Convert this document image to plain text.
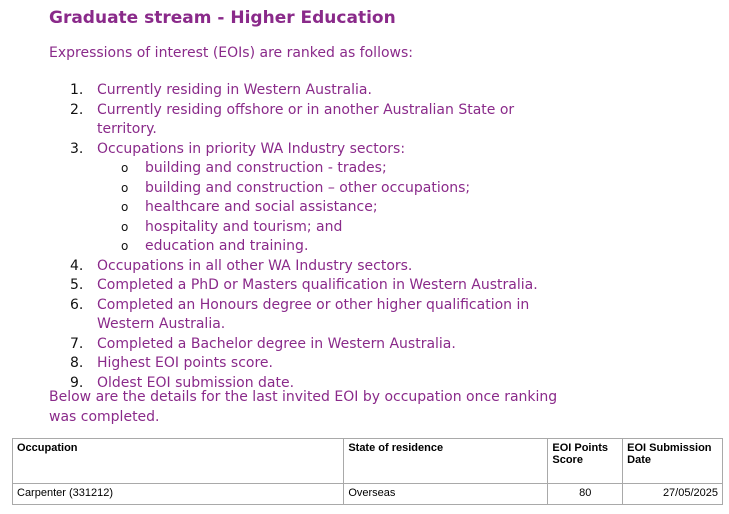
Graduate stream - Higher Education
Expressions of interest (EOIs) are ranked as follows:
1. Currently residing in Western Australia.
2. Currently residing offshore or in another Australian State or territory.
3. Occupations in priority WA Industry sectors:
o building and construction - trades;
o building and construction – other occupations;
o healthcare and social assistance;
o hospitality and tourism; and
o education and training.
4. Occupations in all other WA Industry sectors.
5. Completed a PhD or Masters qualification in Western Australia.
6. Completed an Honours degree or other higher qualification in Western Australia.
7. Completed a Bachelor degree in Western Australia.
8. Highest EOI points score.
9. Oldest EOI submission date.
Below are the details for the last invited EOI by occupation once ranking was completed.
Occupation	State of residence	EOI Points Score	EOI Submission Date
Carpenter (331212)	Overseas	80	27/05/2025
